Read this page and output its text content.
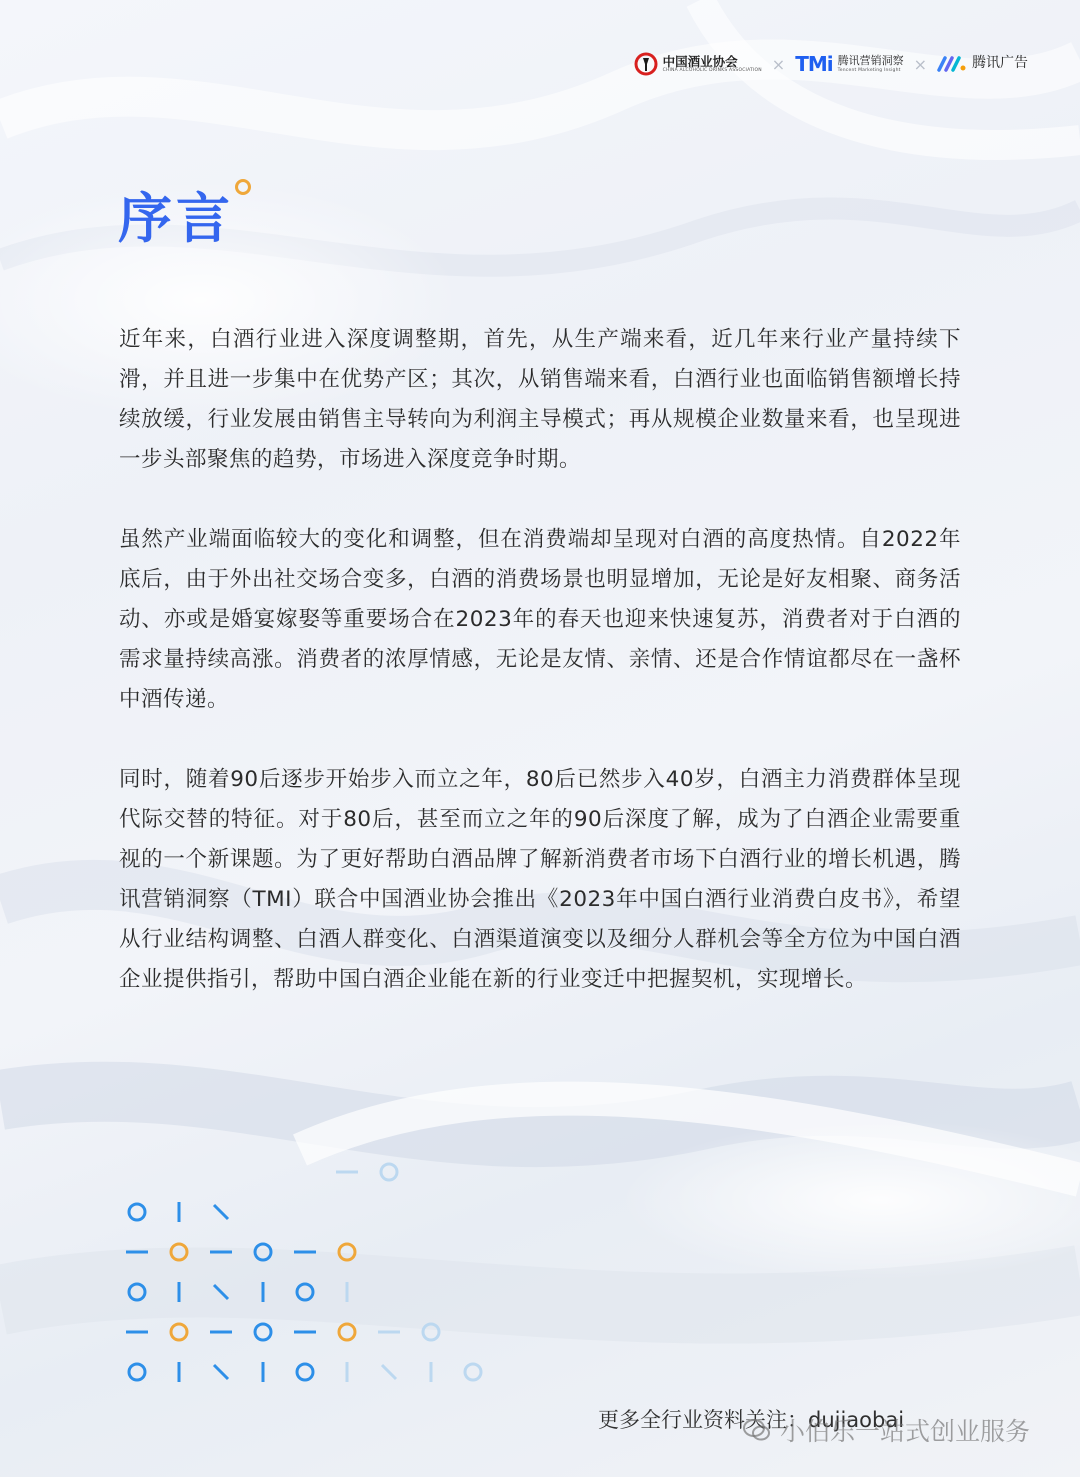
中国酒业协会
CHINA ALCOHOLIC DRINKS ASSOCIATION × TMi 腾讯营销洞察
Tencent Marketing Insight ×	腾讯广告
序言

近年来，白酒行业进入深度调整期，首先，从生产端来看，近几年来行业产量持续下滑，并且进一步集中在优势产区；其次，从销售端来看，白酒行业也面临销售额增长持续放缓，行业发展由销售主导转向为利润主导模式；再从规模企业数量来看，也呈现进一步头部聚焦的趋势，市场进入深度竞争时期。

虽然产业端面临较大的变化和调整，但在消费端却呈现对白酒的高度热情。自2022年底后，由于外出社交场合变多，白酒的消费场景也明显增加，无论是好友相聚、商务活动、亦或是婚宴嫁娶等重要场合在2023年的春天也迎来快速复苏，消费者对于白酒的需求量持续高涨。消费者的浓厚情感，无论是友情、亲情、还是合作情谊都尽在一盏杯中酒传递。

同时，随着90后逐步开始步入而立之年，80后已然步入40岁，白酒主力消费群体呈现代际交替的特征。对于80后，甚至而立之年的90后深度了解，成为了白酒企业需要重视的一个新课题。为了更好帮助白酒品牌了解新消费者市场下白酒行业的增长机遇，腾讯营销洞察（TMI）联合中国酒业协会推出《2023年中国白酒行业消费白皮书》，希望从行业结构调整、白酒人群变化、白酒渠道演变以及细分人群机会等全方位为中国白酒企业提供指引，帮助中国白酒企业能在新的行业变迁中把握契机，实现增长。

更多全行业资料关注：dujiaobai
小伯乐一站式创业服务
